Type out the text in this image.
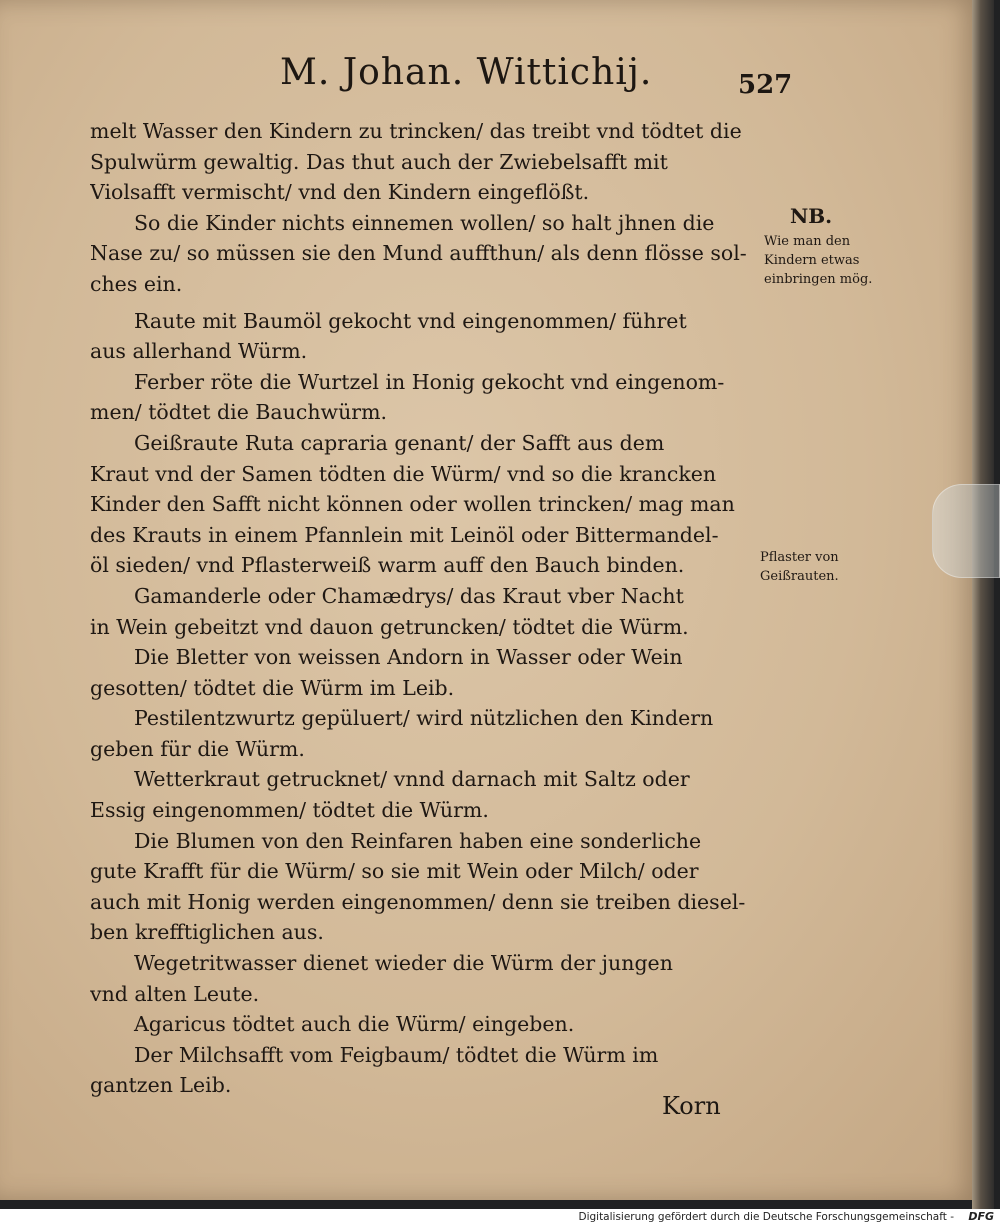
M. Johan. Wittichij.	527
melt Wasser den Kindern zu trincken/ das treibt vnd tödtet die
Spulwürm gewaltig. Das thut auch der Zwiebelsafft mit
Violsafft vermischt/ vnd den Kindern eingeflößt.
So die Kinder nichts einnemen wollen/ so halt jhnen die
Nase zu/ so müssen sie den Mund auffthun/ als denn flösse sol-
ches ein.
Raute mit Baumöl gekocht vnd eingenommen/ führet
aus allerhand Würm.
Ferber röte die Wurtzel in Honig gekocht vnd eingenom-
men/ tödtet die Bauchwürm.
Geißraute Ruta capraria genant/ der Safft aus dem
Kraut vnd der Samen tödten die Würm/ vnd so die krancken
Kinder den Safft nicht können oder wollen trincken/ mag man
des Krauts in einem Pfannlein mit Leinöl oder Bittermandel-
öl sieden/ vnd Pflasterweiß warm auff den Bauch binden.
Gamanderle oder Chamædrys/ das Kraut vber Nacht
in Wein gebeitzt vnd dauon getruncken/ tödtet die Würm.
Die Bletter von weissen Andorn in Wasser oder Wein
gesotten/ tödtet die Würm im Leib.
Pestilentzwurtz gepüluert/ wird nützlichen den Kindern
geben für die Würm.
Wetterkraut getrucknet/ vnnd darnach mit Saltz oder
Essig eingenommen/ tödtet die Würm.
Die Blumen von den Reinfaren haben eine sonderliche
gute Krafft für die Würm/ so sie mit Wein oder Milch/ oder
auch mit Honig werden eingenommen/ denn sie treiben diesel-
ben krefftiglichen aus.
Wegetritwasser dienet wieder die Würm der jungen
vnd alten Leute.
Agaricus tödtet auch die Würm/ eingeben.
Der Milchsafft vom Feigbaum/ tödtet die Würm im
gantzen Leib.
Korn
NB.
Wie man den
Kindern etwas
einbringen mög.
Pflaster von
Geißrauten.
Digitalisierung gefördert durch die Deutsche Forschungsgemeinschaft - DFG
